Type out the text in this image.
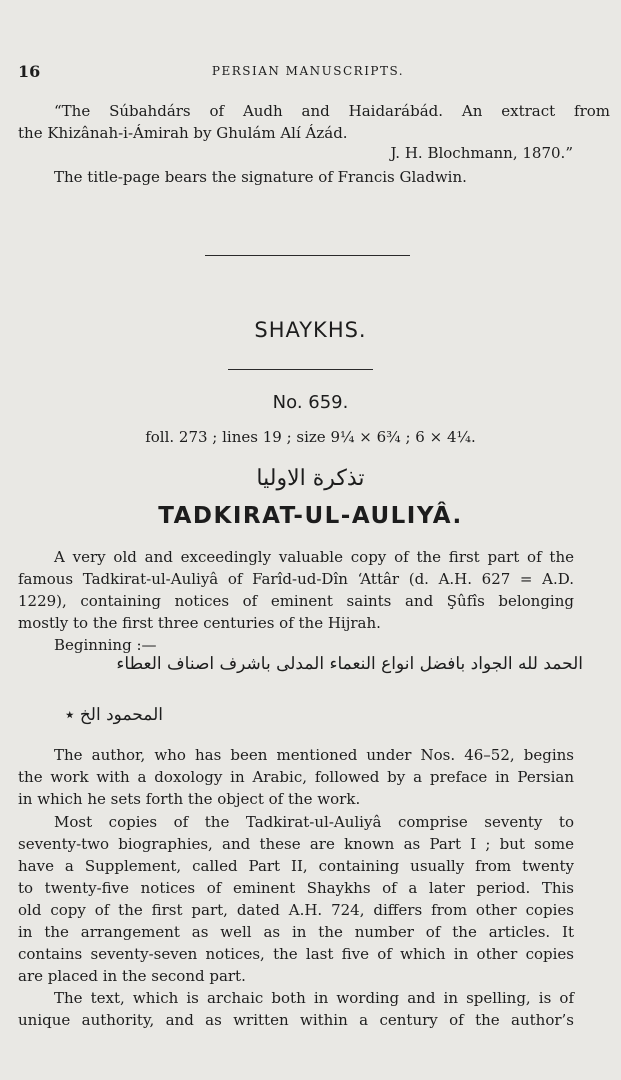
16	PERSIAN MANUSCRIPTS.
“The Súbahdárs of Audh and Haidarábád. An extract from
the Khizânah-i-Ámirah by Ghulám Alí Ázád.
J. H. Blochmann, 1870.”
The title-page bears the signature of Francis Gladwin.
SHAYKHS.
No. 659.
foll. 273 ; lines 19 ; size 9¼ × 6¾ ; 6 × 4¼.
تذکرة الاولیا
TADKIRAT-UL-AULIYÂ.
A very old and exceedingly valuable copy of the first part of the
famous Tadkirat-ul-Auliyâ of Farîd-ud-Dîn ‘Attâr (d. A.H. 627 = A.D.
1229), containing notices of eminent saints and Şûfîs belonging
mostly to the first three centuries of the Hijrah.
Beginning :—
الحمد لله الجواد بافضل انواع النعماء المدلی باشرف اصناف العطاء
المحمود الخ ٭
The author, who has been mentioned under Nos. 46–52, begins
the work with a doxology in Arabic, followed by a preface in Persian
in which he sets forth the object of the work.
Most copies of the Tadkirat-ul-Auliyâ comprise seventy to
seventy-two biographies, and these are known as Part I ; but some
have a Supplement, called Part II, containing usually from twenty
to twenty-five notices of eminent Shaykhs of a later period. This
old copy of the first part, dated A.H. 724, differs from other copies
in the arrangement as well as in the number of the articles. It
contains seventy-seven notices, the last five of which in other copies
are placed in the second part.
The text, which is archaic both in wording and in spelling, is of
unique authority, and as written within a century of the author’s
